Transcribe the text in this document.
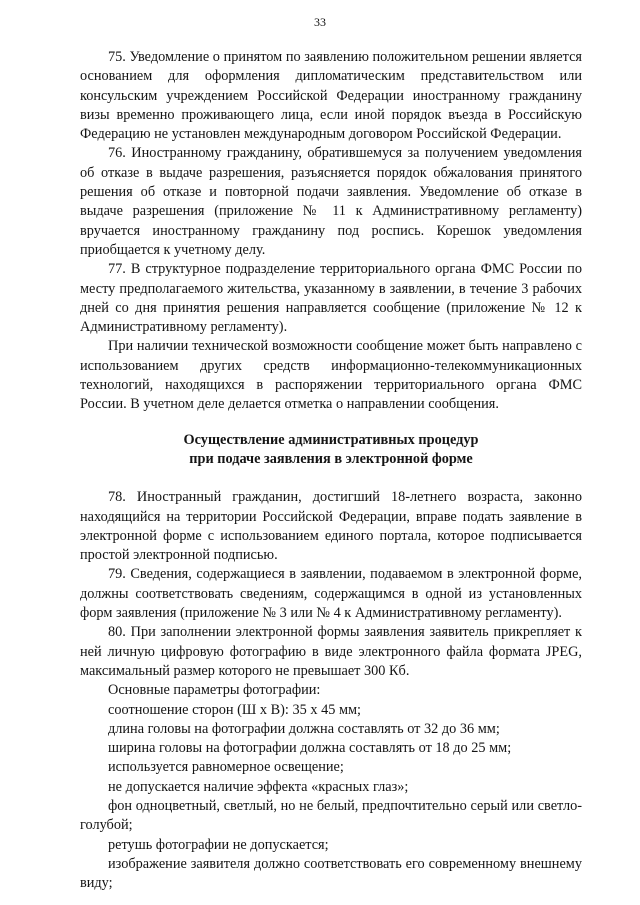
33

75. Уведомление о принятом по заявлению положительном решении является основанием для оформления дипломатическим представительством или консульским учреждением Российской Федерации иностранному гражданину визы временно проживающего лица, если иной порядок въезда в Российскую Федерацию не установлен международным договором Российской Федерации.

76. Иностранному гражданину, обратившемуся за получением уведомления об отказе в выдаче разрешения, разъясняется порядок обжалования принятого решения об отказе и повторной подачи заявления. Уведомление об отказе в выдаче разрешения (приложение № 11 к Административному регламенту) вручается иностранному гражданину под роспись. Корешок уведомления приобщается к учетному делу.

77. В структурное подразделение территориального органа ФМС России по месту предполагаемого жительства, указанному в заявлении, в течение 3 рабочих дней со дня принятия решения направляется сообщение (приложение № 12 к Административному регламенту).

При наличии технической возможности сообщение может быть направлено с использованием других средств информационно-телекоммуникационных технологий, находящихся в распоряжении территориального органа ФМС России. В учетном деле делается отметка о направлении сообщения.

Осуществление административных процедур

при подаче заявления в электронной форме

78. Иностранный гражданин, достигший 18-летнего возраста, законно находящийся на территории Российской Федерации, вправе подать заявление в электронной форме с использованием единого портала, которое подписывается простой электронной подписью.

79. Сведения, содержащиеся в заявлении, подаваемом в электронной форме, должны соответствовать сведениям, содержащимся в одной из установленных форм заявления (приложение № 3 или № 4 к Административному регламенту).

80. При заполнении электронной формы заявления заявитель прикрепляет к ней личную цифровую фотографию в виде электронного файла формата JPEG, максимальный размер которого не превышает 300 Кб.

Основные параметры фотографии:

соотношение сторон (Ш х В): 35 х 45 мм;

длина головы на фотографии должна составлять от 32 до 36 мм;

ширина головы на фотографии должна составлять от 18 до 25 мм;

используется равномерное освещение;

не допускается наличие эффекта «красных глаз»;

фон одноцветный, светлый, но не белый, предпочтительно серый или светло-голубой;

ретушь фотографии не допускается;

изображение заявителя должно соответствовать его современному внешнему виду;
